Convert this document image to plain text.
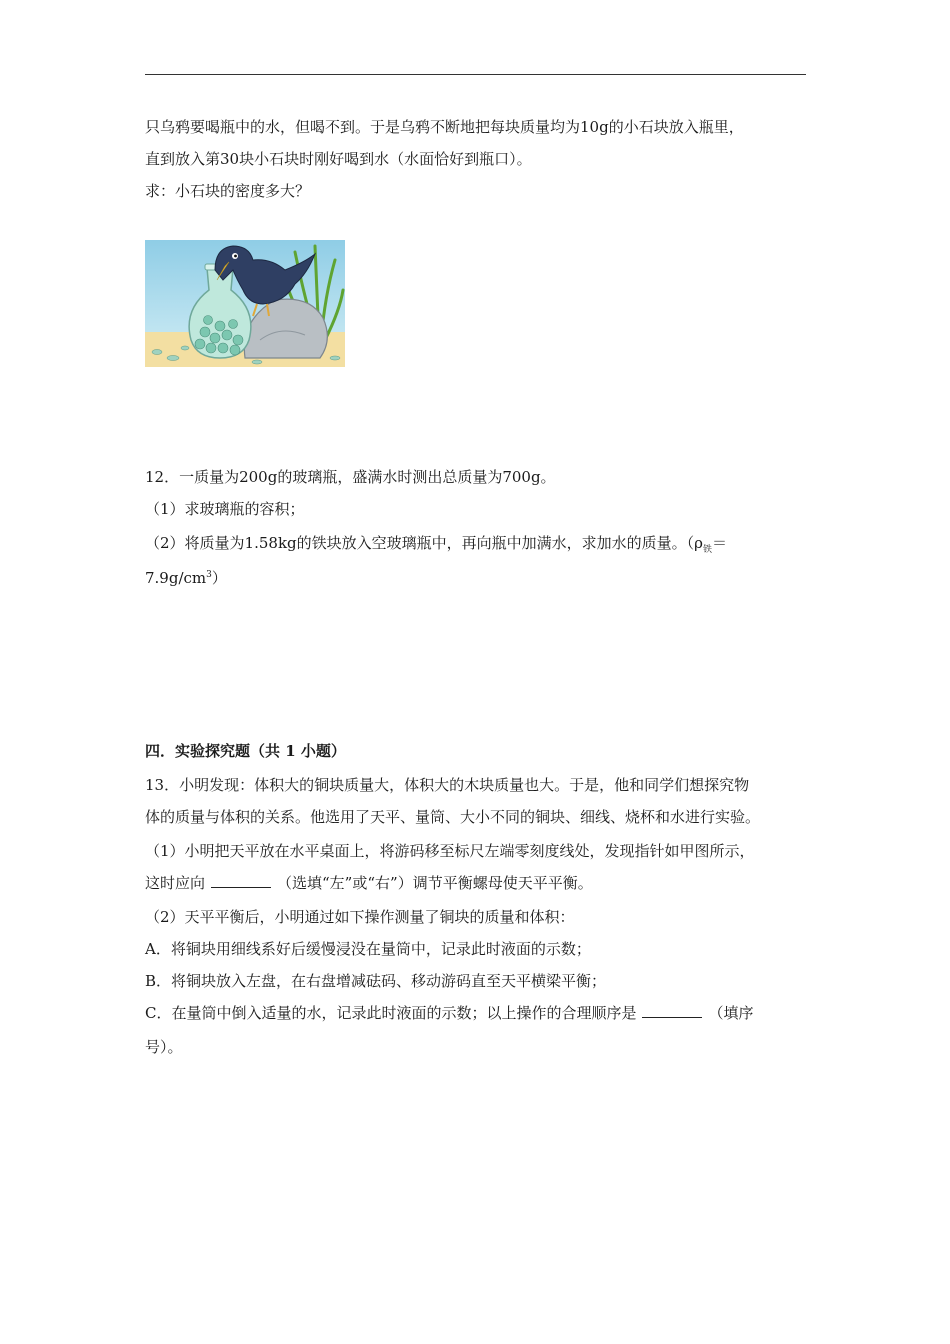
只乌鸦要喝瓶中的水，但喝不到。于是乌鸦不断地把每块质量均为10g的小石块放入瓶里，
直到放入第30块小石块时刚好喝到水（水面恰好到瓶口）。
求：小石块的密度多大？
12．一质量为200g的玻璃瓶，盛满水时测出总质量为700g。
（1）求玻璃瓶的容积；
（2）将质量为1.58kg的铁块放入空玻璃瓶中，再向瓶中加满水，求加水的质量。（$\rho_铁=$
$7.9g/cm^3$）
四．实验探究题（共 1 小题）
13．小明发现：体积大的铜块质量大，体积大的木块质量也大。于是，他和同学们想探究物
体的质量与体积的关系。他选用了天平、量筒、大小不同的铜块、细线、烧杯和水进行实验。
（1）小明把天平放在水平桌面上，将游码移至标尺左端零刻度线处，发现指针如甲图所示，
这时应向	（选填“左”或“右”）调节平衡螺母使天平平衡。
（2）天平平衡后，小明通过如下操作测量了铜块的质量和体积：
A．将铜块用细线系好后缓慢浸没在量筒中，记录此时液面的示数；
B．将铜块放入左盘，在右盘增减砝码、移动游码直至天平横梁平衡；
C．在量筒中倒入适量的水，记录此时液面的示数；以上操作的合理顺序是	（填序
号）。
